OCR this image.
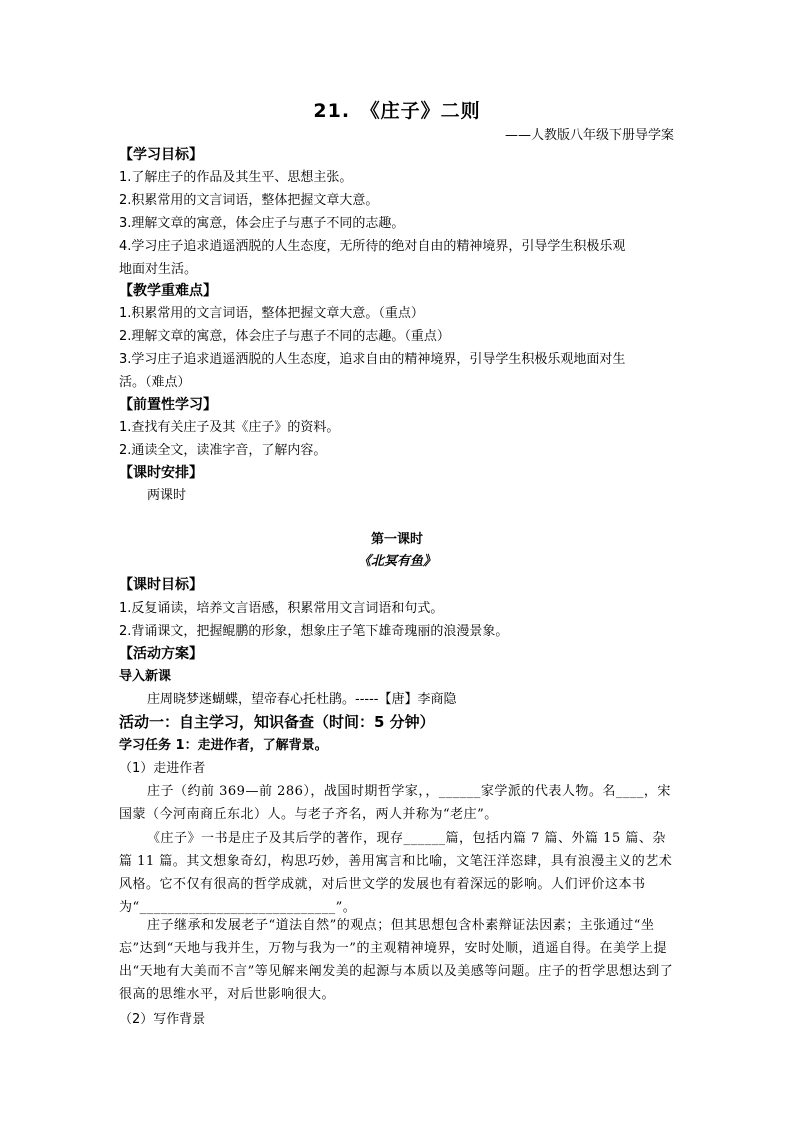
21.　《庄子》二则
——人教版八年级下册导学案
【学习目标】
1.了解庄子的作品及其生平、思想主张。
2.积累常用的文言词语，整体把握文章大意。
3.理解文章的寓意，体会庄子与惠子不同的志趣。
4.学习庄子追求逍遥洒脱的人生态度，无所待的绝对自由的精神境界，引导学生积极乐观
地面对生活。
【教学重难点】
1.积累常用的文言词语，整体把握文章大意。（重点）
2.理解文章的寓意，体会庄子与惠子不同的志趣。（重点）
3.学习庄子追求逍遥洒脱的人生态度，追求自由的精神境界，引导学生积极乐观地面对生
活。（难点）
【前置性学习】
1.查找有关庄子及其《庄子》的资料。
2.通读全文，读准字音，了解内容。
【课时安排】
两课时
第一课时
《北冥有鱼》
【课时目标】
1.反复诵读，培养文言语感，积累常用文言词语和句式。
2.背诵课文，把握鲲鹏的形象，想象庄子笔下雄奇瑰丽的浪漫景象。
【活动方案】
导入新课
庄周晓梦迷蝴蝶，望帝春心托杜鹃。-----【唐】李商隐
活动一：自主学习，知识备查（时间：5 分钟）
学习任务 1：走进作者，了解背景。
（1）走进作者
庄子（约前 369—前 286），战国时期哲学家，，______家学派的代表人物。名____，宋国蒙（今河南商丘东北）人。与老子齐名，两人并称为“老庄”。
《庄子》一书是庄子及其后学的著作，现存______篇，包括内篇 7 篇、外篇 15 篇、杂篇 11 篇。其文想象奇幻，构思巧妙，善用寓言和比喻，文笔汪洋恣肆，具有浪漫主义的艺术风格。它不仅有很高的哲学成就，对后世文学的发展也有着深远的影响。人们评价这本书为“____________________________”。
庄子继承和发展老子“道法自然”的观点；但其思想包含朴素辩证法因素；主张通过“坐忘”达到“天地与我并生，万物与我为一”的主观精神境界，安时处顺，逍遥自得。在美学上提出“天地有大美而不言”等见解来阐发美的起源与本质以及美感等问题。庄子的哲学思想达到了很高的思维水平，对后世影响很大。
（2）写作背景
